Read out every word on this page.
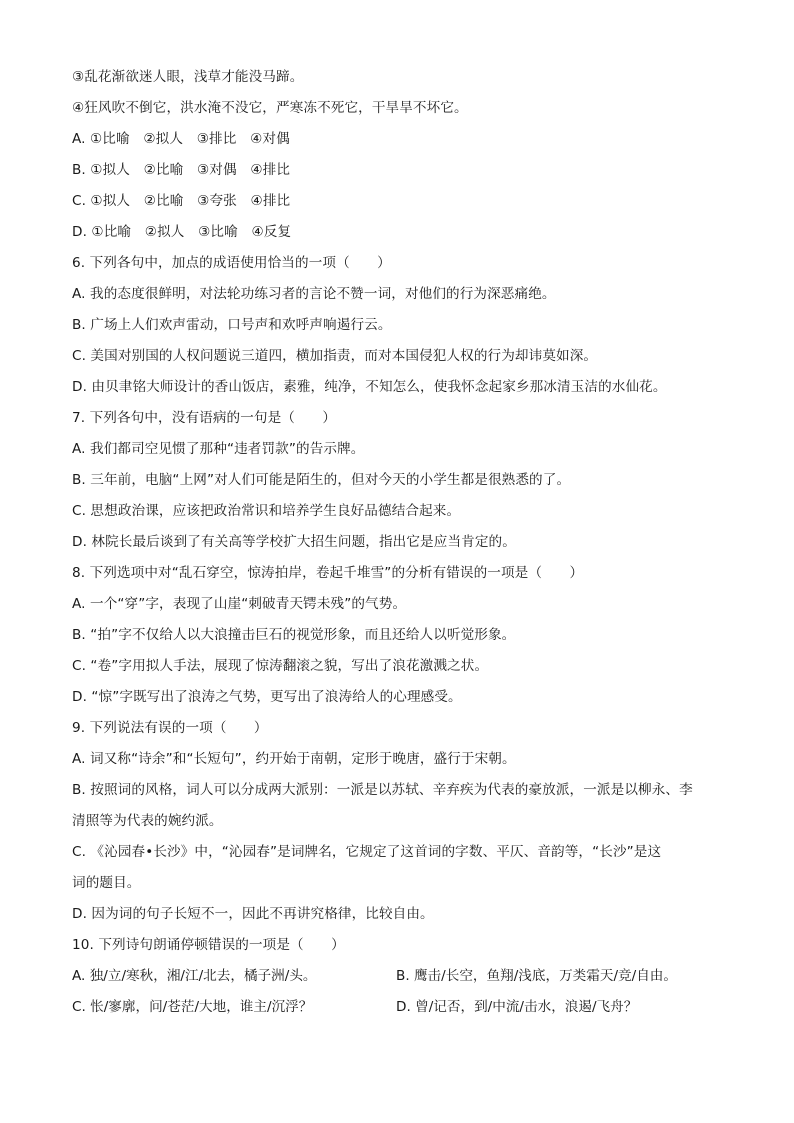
③乱花渐欲迷人眼，浅草才能没马蹄。
④狂风吹不倒它，洪水淹不没它，严寒冻不死它，干旱旱不坏它。
A. ①比喻　②拟人　③排比　④对偶
B. ①拟人　②比喻　③对偶　④排比
C. ①拟人　②比喻　③夸张　④排比
D. ①比喻　②拟人　③比喻　④反复
6. 下列各句中，加点的成语使用恰当的一项（　　）
A. 我的态度很鲜明，对法轮功练习者的言论不赞一词，对他们的行为深恶痛绝。
B. 广场上人们欢声雷动，口号声和欢呼声响遏行云。
C. 美国对别国的人权问题说三道四，横加指责，而对本国侵犯人权的行为却讳莫如深。
D. 由贝聿铭大师设计的香山饭店，素雅，纯净，不知怎么，使我怀念起家乡那冰清玉洁的水仙花。
7. 下列各句中，没有语病的一句是（　　）
A. 我们都司空见惯了那种“违者罚款”的告示牌。
B. 三年前，电脑“上网”对人们可能是陌生的，但对今天的小学生都是很熟悉的了。
C. 思想政治课，应该把政治常识和培养学生良好品德结合起来。
D. 林院长最后谈到了有关高等学校扩大招生问题，指出它是应当肯定的。
8. 下列选项中对“乱石穿空，惊涛拍岸，卷起千堆雪”的分析有错误的一项是（　　）
A. 一个“穿”字，表现了山崖“刺破青天锷未残”的气势。
B. “拍”字不仅给人以大浪撞击巨石的视觉形象，而且还给人以听觉形象。
C. “卷”字用拟人手法，展现了惊涛翻滚之貌，写出了浪花激溅之状。
D. “惊”字既写出了浪涛之气势，更写出了浪涛给人的心理感受。
9. 下列说法有误的一项（　　）
A. 词又称“诗余”和“长短句”，约开始于南朝，定形于晚唐，盛行于宋朝。
B. 按照词的风格，词人可以分成两大派别：一派是以苏轼、辛弃疾为代表的豪放派，一派是以柳永、李
清照等为代表的婉约派。
C. 《沁园春•长沙》中，“沁园春”是词牌名，它规定了这首词的字数、平仄、音韵等，“长沙”是这
词的题目。
D. 因为词的句子长短不一，因此不再讲究格律，比较自由。
10. 下列诗句朗诵停顿错误的一项是（　　）
A. 独/立/寒秋，湘/江/北去，橘子洲/头。	B. 鹰击/长空，鱼翔/浅底，万类霜天/竞/自由。
C. 怅/寥廓，问/苍茫/大地，谁主/沉浮？	D. 曾/记否，到/中流/击水，浪遏/飞舟？
